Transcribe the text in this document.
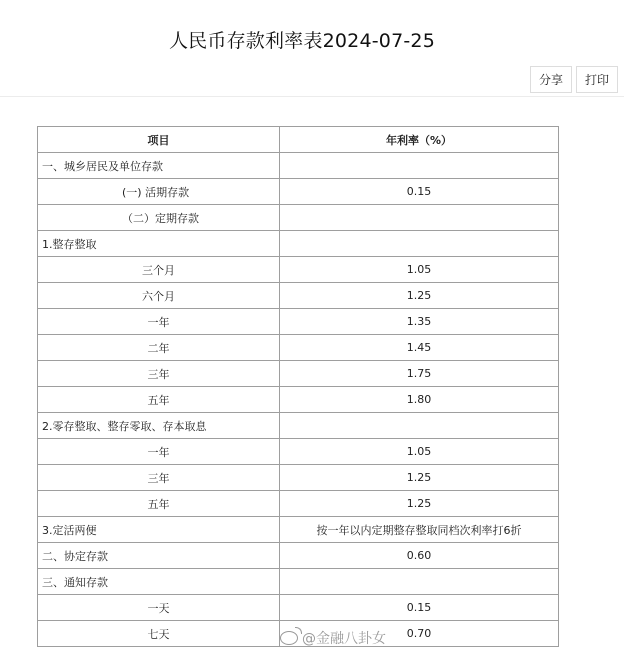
人民币存款利率表2024-07-25
分享	打印
项目	年利率（%）
一、城乡居民及单位存款	
(一) 活期存款	0.15
（二）定期存款	
1.整存整取	
三个月	1.05
六个月	1.25
一年	1.35
二年	1.45
三年	1.75
五年	1.80
2.零存整取、整存零取、存本取息	
一年	1.05
三年	1.25
五年	1.25
3.定活两便	按一年以内定期整存整取同档次利率打6折
二、协定存款	0.60
三、通知存款	
一天	0.15
七天	0.70
@金融八卦女
